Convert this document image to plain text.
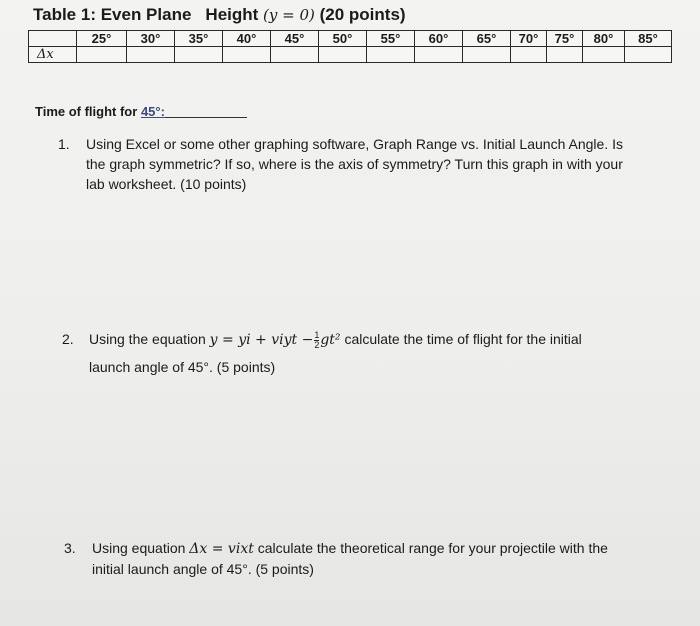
Table 1: Even Plane Height (y = 0) (20 points)
	25°	30°	35°	40°	45°	50°	55°	60°	65°	70°	75°	80°	85°
Δx													
Time of flight for 45°:
1. Using Excel or some other graphing software, Graph Range vs. Initial Launch Angle. Is
the graph symmetric? If so, where is the axis of symmetry? Turn this graph in with your
lab worksheet. (10 points)
2. Using the equation y = yi + viyt − $\frac{1}{2} gt^2$ calculate the time of flight for the initial
launch angle of 45°. (5 points)
3. Using equation Δx = vixt calculate the theoretical range for your projectile with the
initial launch angle of 45°. (5 points)
